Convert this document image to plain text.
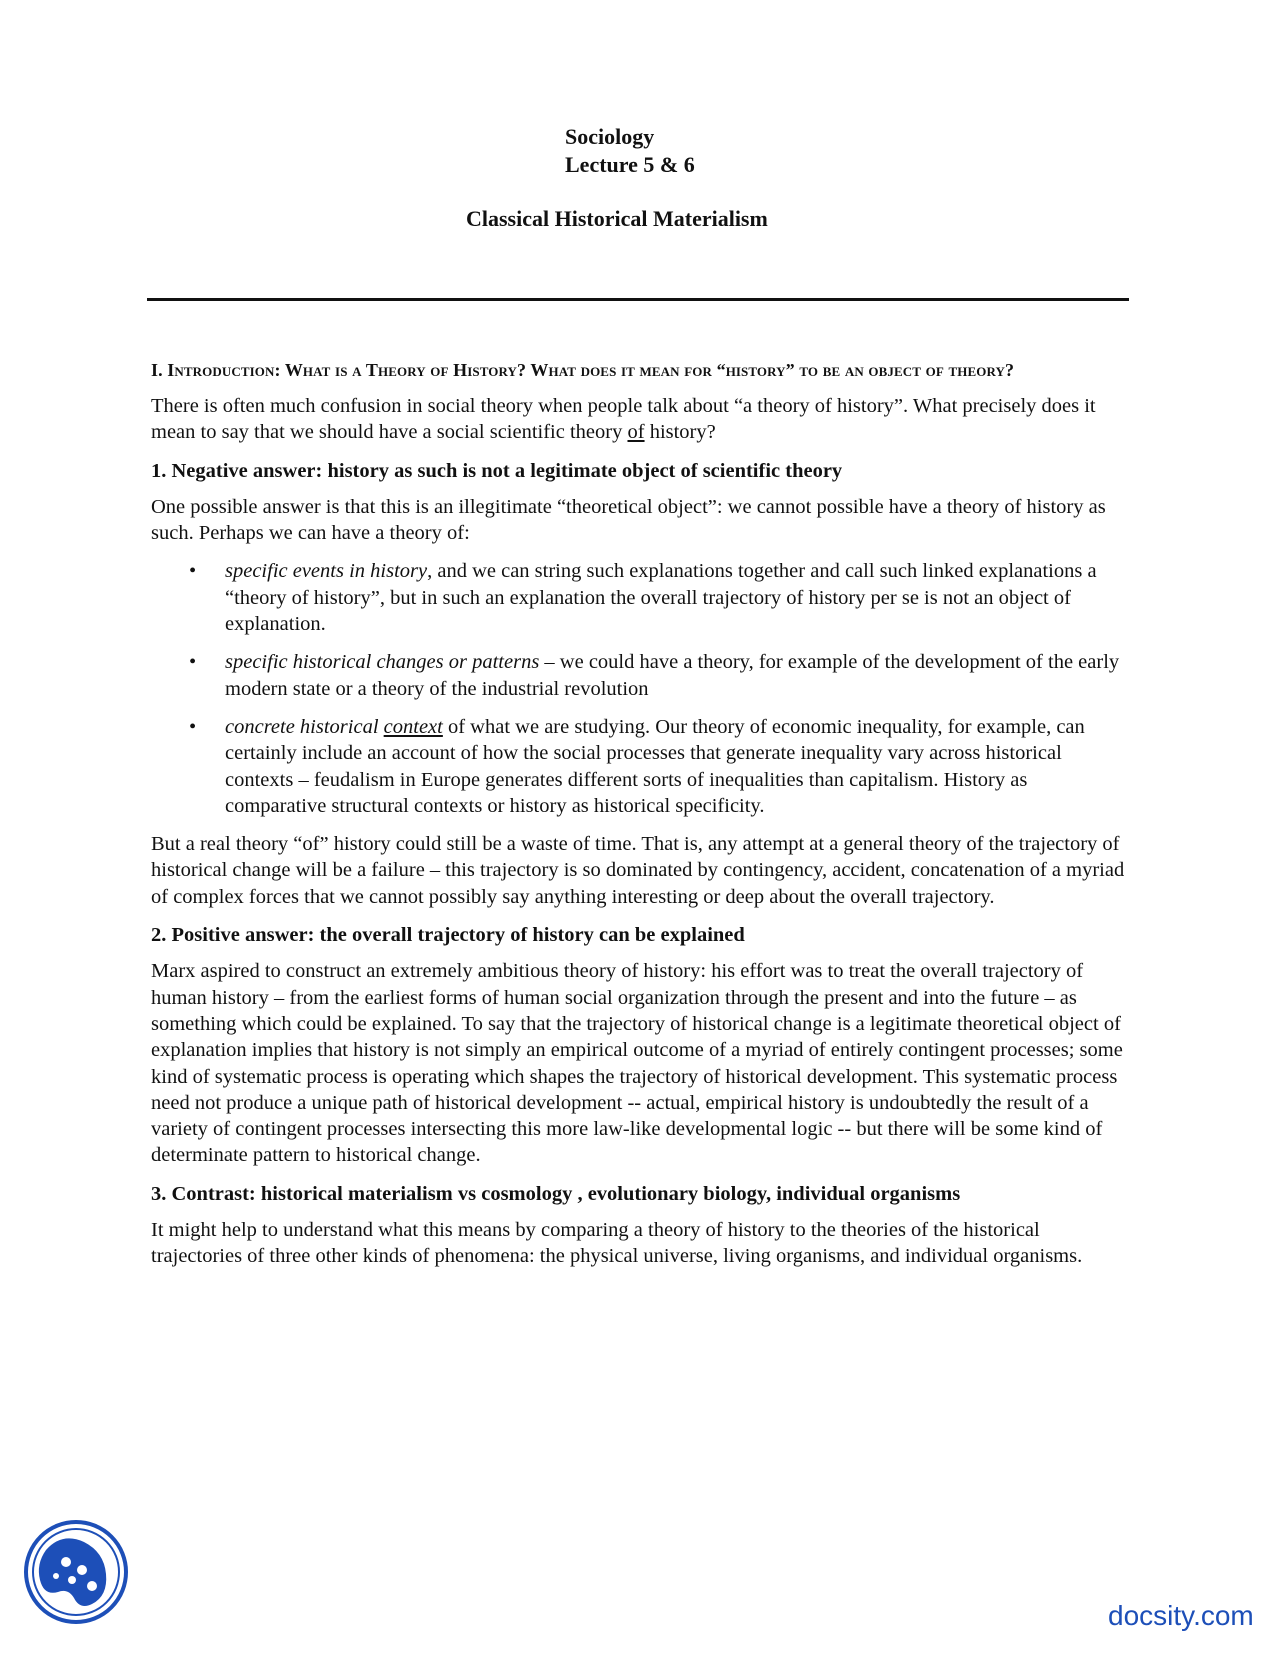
Sociology
Lecture 5 & 6
Classical Historical Materialism
I. Introduction: What is a Theory of History? What does it mean for “history” to be an object of theory?

There is often much confusion in social theory when people talk about “a theory of history”. What precisely does it mean to say that we should have a social scientific theory of history?

1. Negative answer: history as such is not a legitimate object of scientific theory

One possible answer is that this is an illegitimate “theoretical object”: we cannot possible have a theory of history as such. Perhaps we can have a theory of:

• specific events in history, and we can string such explanations together and call such linked explanations a “theory of history”, but in such an explanation the overall trajectory of history per se is not an object of explanation.
• specific historical changes or patterns – we could have a theory, for example of the development of the early modern state or a theory of the industrial revolution
• concrete historical context of what we are studying. Our theory of economic inequality, for example, can certainly include an account of how the social processes that generate inequality vary across historical contexts – feudalism in Europe generates different sorts of inequalities than capitalism. History as comparative structural contexts or history as historical specificity.

But a real theory “of” history could still be a waste of time. That is, any attempt at a general theory of the trajectory of historical change will be a failure – this trajectory is so dominated by contingency, accident, concatenation of a myriad of complex forces that we cannot possibly say anything interesting or deep about the overall trajectory.

2. Positive answer: the overall trajectory of history can be explained

Marx aspired to construct an extremely ambitious theory of history: his effort was to treat the overall trajectory of human history – from the earliest forms of human social organization through the present and into the future – as something which could be explained. To say that the trajectory of historical change is a legitimate theoretical object of explanation implies that history is not simply an empirical outcome of a myriad of entirely contingent processes; some kind of systematic process is operating which shapes the trajectory of historical development. This systematic process need not produce a unique path of historical development -- actual, empirical history is undoubtedly the result of a variety of contingent processes intersecting this more law-like developmental logic -- but there will be some kind of determinate pattern to historical change.

3. Contrast: historical materialism vs cosmology , evolutionary biology, individual organisms

It might help to understand what this means by comparing a theory of history to the theories of the historical trajectories of three other kinds of phenomena: the physical universe, living organisms, and individual organisms.

docsity.com
